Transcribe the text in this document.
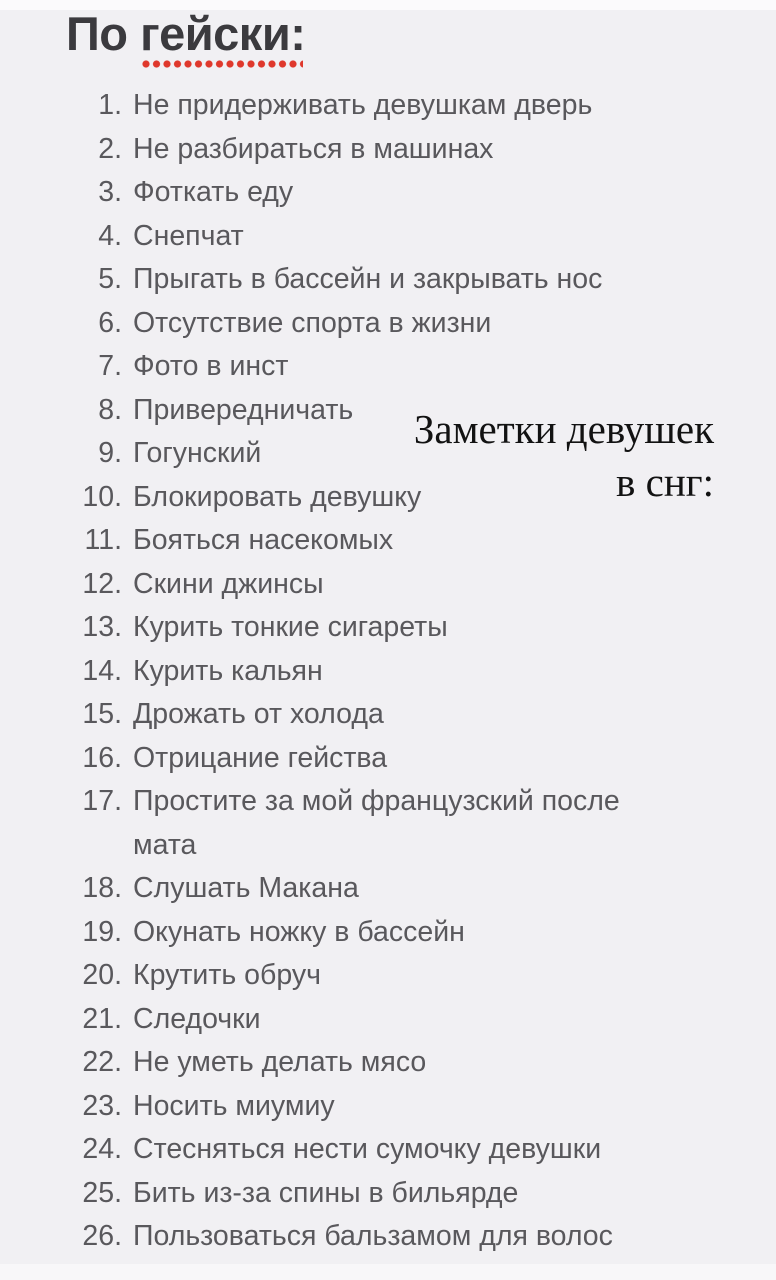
По гейски:
1. Не придерживать девушкам дверь
2. Не разбираться в машинах
3. Фоткать еду
4. Снепчат
5. Прыгать в бассейн и закрывать нос
6. Отсутствие спорта в жизни
7. Фото в инст
8. Привередничать
9. Гогунский
10. Блокировать девушку
11. Бояться насекомых
12. Скини джинсы
13. Курить тонкие сигареты
14. Курить кальян
15. Дрожать от холода
16. Отрицание гейства
17. Простите за мой французский после мата
18. Слушать Макана
19. Окунать ножку в бассейн
20. Крутить обруч
21. Следочки
22. Не уметь делать мясо
23. Носить миумиу
24. Стесняться нести сумочку девушки
25. Бить из-за спины в бильярде
26. Пользоваться бальзамом для волос
Заметки девушек
в снг:
